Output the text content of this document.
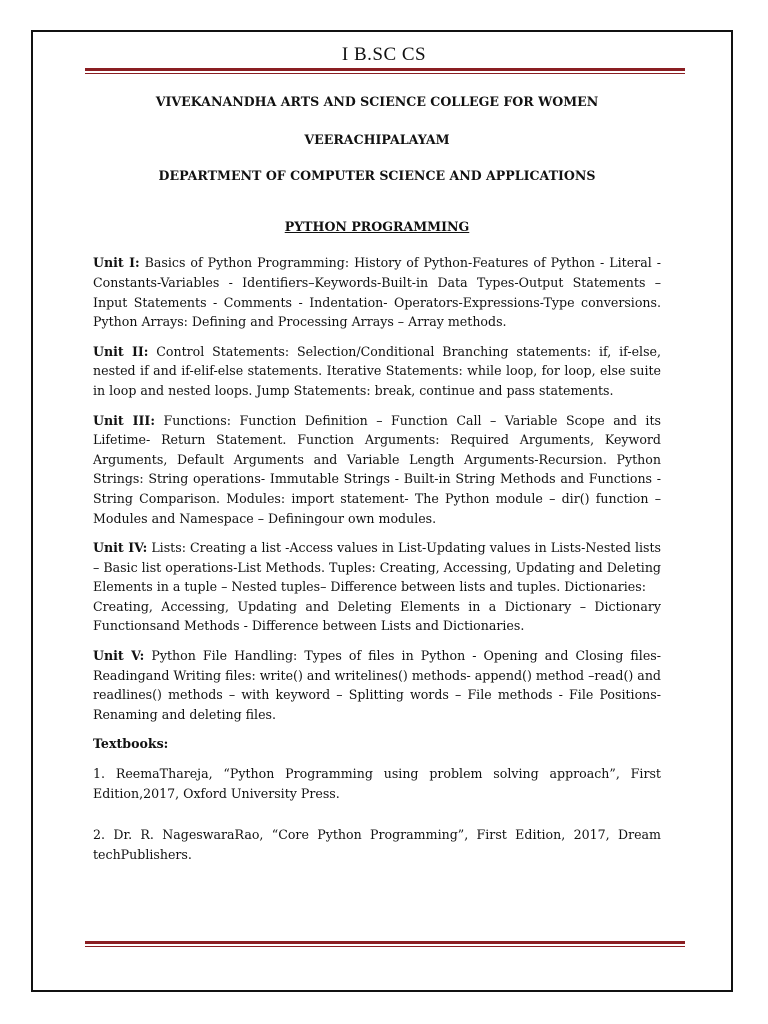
I B.SC CS

VIVEKANANDHA ARTS AND SCIENCE COLLEGE FOR WOMEN

VEERACHIPALAYAM

DEPARTMENT OF COMPUTER SCIENCE AND APPLICATIONS

PYTHON PROGRAMMING

Unit I: Basics of Python Programming: History of Python-Features of Python - Literal -Constants-Variables - Identifiers–Keywords-Built-in Data Types-Output Statements –Input Statements - Comments - Indentation- Operators-Expressions-Type conversions. Python Arrays: Defining and Processing Arrays – Array methods.

Unit II: Control Statements: Selection/Conditional Branching statements: if, if-else, nested if and if-elif-else statements. Iterative Statements: while loop, for loop, else suite in loop and nested loops. Jump Statements: break, continue and pass statements.

Unit III: Functions: Function Definition – Function Call – Variable Scope and its Lifetime- Return Statement. Function Arguments: Required Arguments, Keyword Arguments, Default Arguments and Variable Length Arguments-Recursion. Python Strings: String operations- Immutable Strings - Built-in String Methods and Functions - String Comparison. Modules: import statement- The Python module – dir() function – Modules and Namespace – Definingour own modules.

Unit IV: Lists: Creating a list -Access values in List-Updating values in Lists-Nested lists – Basic list operations-List Methods. Tuples: Creating, Accessing, Updating and Deleting Elements in a tuple – Nested tuples– Difference between lists and tuples. Dictionaries:
Creating, Accessing, Updating and Deleting Elements in a Dictionary – Dictionary Functionsand Methods - Difference between Lists and Dictionaries.

Unit V: Python File Handling: Types of files in Python - Opening and Closing files-Readingand Writing files: write() and writelines() methods- append() method –read() and readlines() methods – with keyword – Splitting words – File methods - File Positions- Renaming and deleting files.

Textbooks:

1. ReemaThareja, “Python Programming using problem solving approach”, First Edition,2017, Oxford University Press.

2. Dr. R. NageswaraRao, “Core Python Programming”, First Edition, 2017, Dream techPublishers.
